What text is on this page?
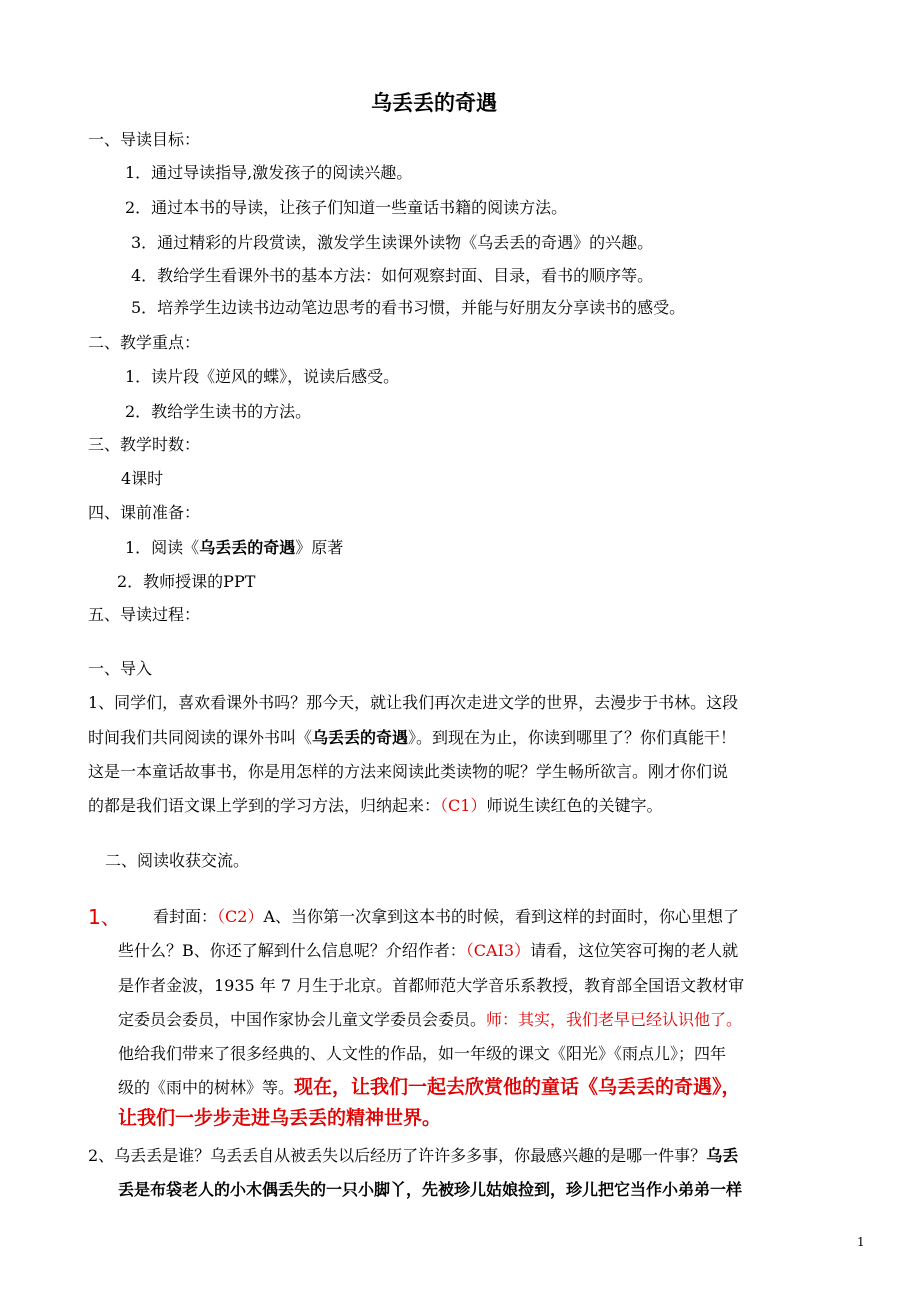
乌丢丢的奇遇
一、导读目标：
1．通过导读指导,激发孩子的阅读兴趣。
2．通过本书的导读，让孩子们知道一些童话书籍的阅读方法。
3．通过精彩的片段赏读，激发学生读课外读物《乌丢丢的奇遇》的兴趣。
4．教给学生看课外书的基本方法：如何观察封面、目录，看书的顺序等。
5．培养学生边读书边动笔边思考的看书习惯，并能与好朋友分享读书的感受。
二、教学重点：
1．读片段《逆风的蝶》，说读后感受。
2．教给学生读书的方法。
三、教学时数：
4课时
四、课前准备：
1．阅读《乌丢丢的奇遇》原著
2．教师授课的PPT
五、导读过程：
一、导入
1、同学们，喜欢看课外书吗？那今天，就让我们再次走进文学的世界，去漫步于书林。这段
时间我们共同阅读的课外书叫《乌丢丢的奇遇》。到现在为止，你读到哪里了？你们真能干！
这是一本童话故事书，你是用怎样的方法来阅读此类读物的呢？学生畅所欲言。刚才你们说
的都是我们语文课上学到的学习方法，归纳起来：（C1）师说生读红色的关键字。
二、阅读收获交流。
1、 看封面：（C2）A、当你第一次拿到这本书的时候，看到这样的封面时，你心里想了
些什么？B、你还了解到什么信息呢？介绍作者：（CAI3）请看，这位笑容可掬的老人就
是作者金波，1935 年 7 月生于北京。首都师范大学音乐系教授，教育部全国语文教材审
定委员会委员，中国作家协会儿童文学委员会委员。师：其实，我们老早已经认识他了。
他给我们带来了很多经典的、人文性的作品，如一年级的课文《阳光》《雨点儿》；四年
级的《雨中的树林》等。现在，让我们一起去欣赏他的童话《乌丢丢的奇遇》，
让我们一步步走进乌丢丢的精神世界。
2、乌丢丢是谁？乌丢丢自从被丢失以后经历了许许多多事，你最感兴趣的是哪一件事？乌丢
丢是布袋老人的小木偶丢失的一只小脚丫，先被珍儿姑娘捡到，珍儿把它当作小弟弟一样
1
